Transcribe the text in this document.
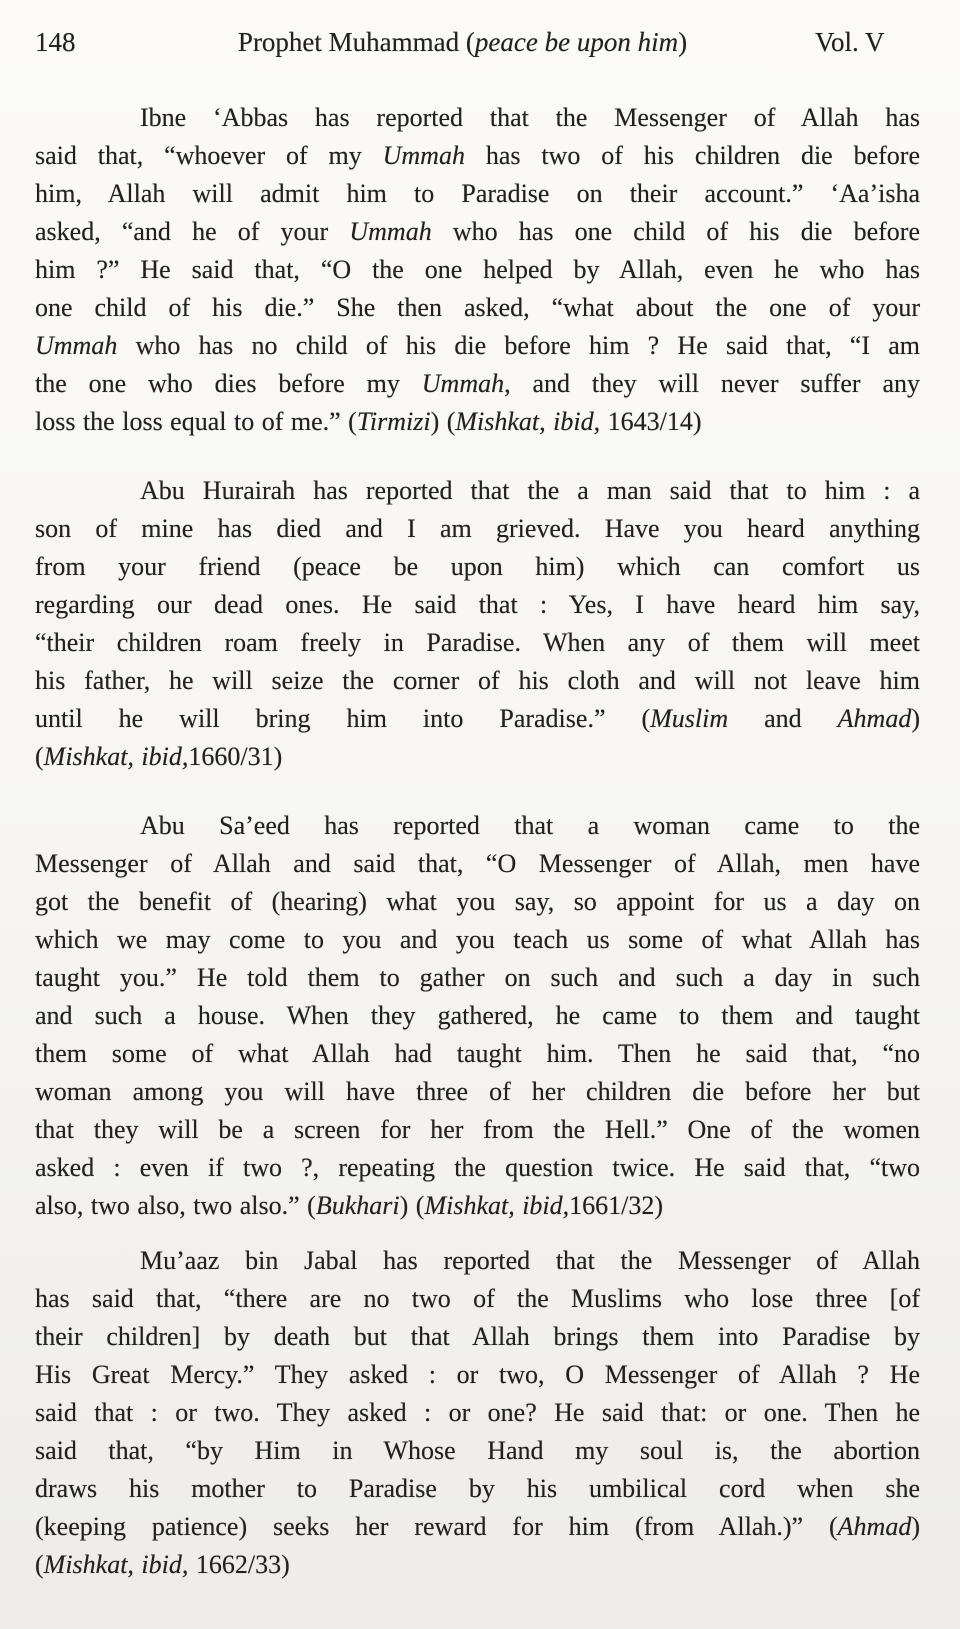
148	Prophet Muhammad (peace be upon him)	Vol. V
Ibne ‘Abbas has reported that the Messenger of Allah has
said that, “whoever of my Ummah has two of his children die before
him, Allah will admit him to Paradise on their account.” ‘Aa’isha
asked, “and he of your Ummah who has one child of his die before
him ?” He said that, “O the one helped by Allah, even he who has
one child of his die.” She then asked, “what about the one of your
Ummah who has no child of his die before him ? He said that, “I am
the one who dies before my Ummah, and they will never suffer any
loss the loss equal to of me.” (Tirmizi) (Mishkat, ibid, 1643/14)
Abu Hurairah has reported that the a man said that to him : a
son of mine has died and I am grieved. Have you heard anything
from your friend (peace be upon him) which can comfort us
regarding our dead ones. He said that : Yes, I have heard him say,
“their children roam freely in Paradise. When any of them will meet
his father, he will seize the corner of his cloth and will not leave him
until he will bring him into Paradise.” (Muslim and Ahmad)
(Mishkat, ibid,1660/31)
Abu Sa’eed has reported that a woman came to the
Messenger of Allah and said that, “O Messenger of Allah, men have
got the benefit of (hearing) what you say, so appoint for us a day on
which we may come to you and you teach us some of what Allah has
taught you.” He told them to gather on such and such a day in such
and such a house. When they gathered, he came to them and taught
them some of what Allah had taught him. Then he said that, “no
woman among you will have three of her children die before her but
that they will be a screen for her from the Hell.” One of the women
asked : even if two ?, repeating the question twice. He said that, “two
also, two also, two also.” (Bukhari) (Mishkat, ibid,1661/32)
Mu’aaz bin Jabal has reported that the Messenger of Allah
has said that, “there are no two of the Muslims who lose three [of
their children] by death but that Allah brings them into Paradise by
His Great Mercy.” They asked : or two, O Messenger of Allah ? He
said that : or two. They asked : or one? He said that: or one. Then he
said that, “by Him in Whose Hand my soul is, the abortion
draws his mother to Paradise by his umbilical cord when she
(keeping patience) seeks her reward for him (from Allah.)” (Ahmad)
(Mishkat, ibid, 1662/33)
